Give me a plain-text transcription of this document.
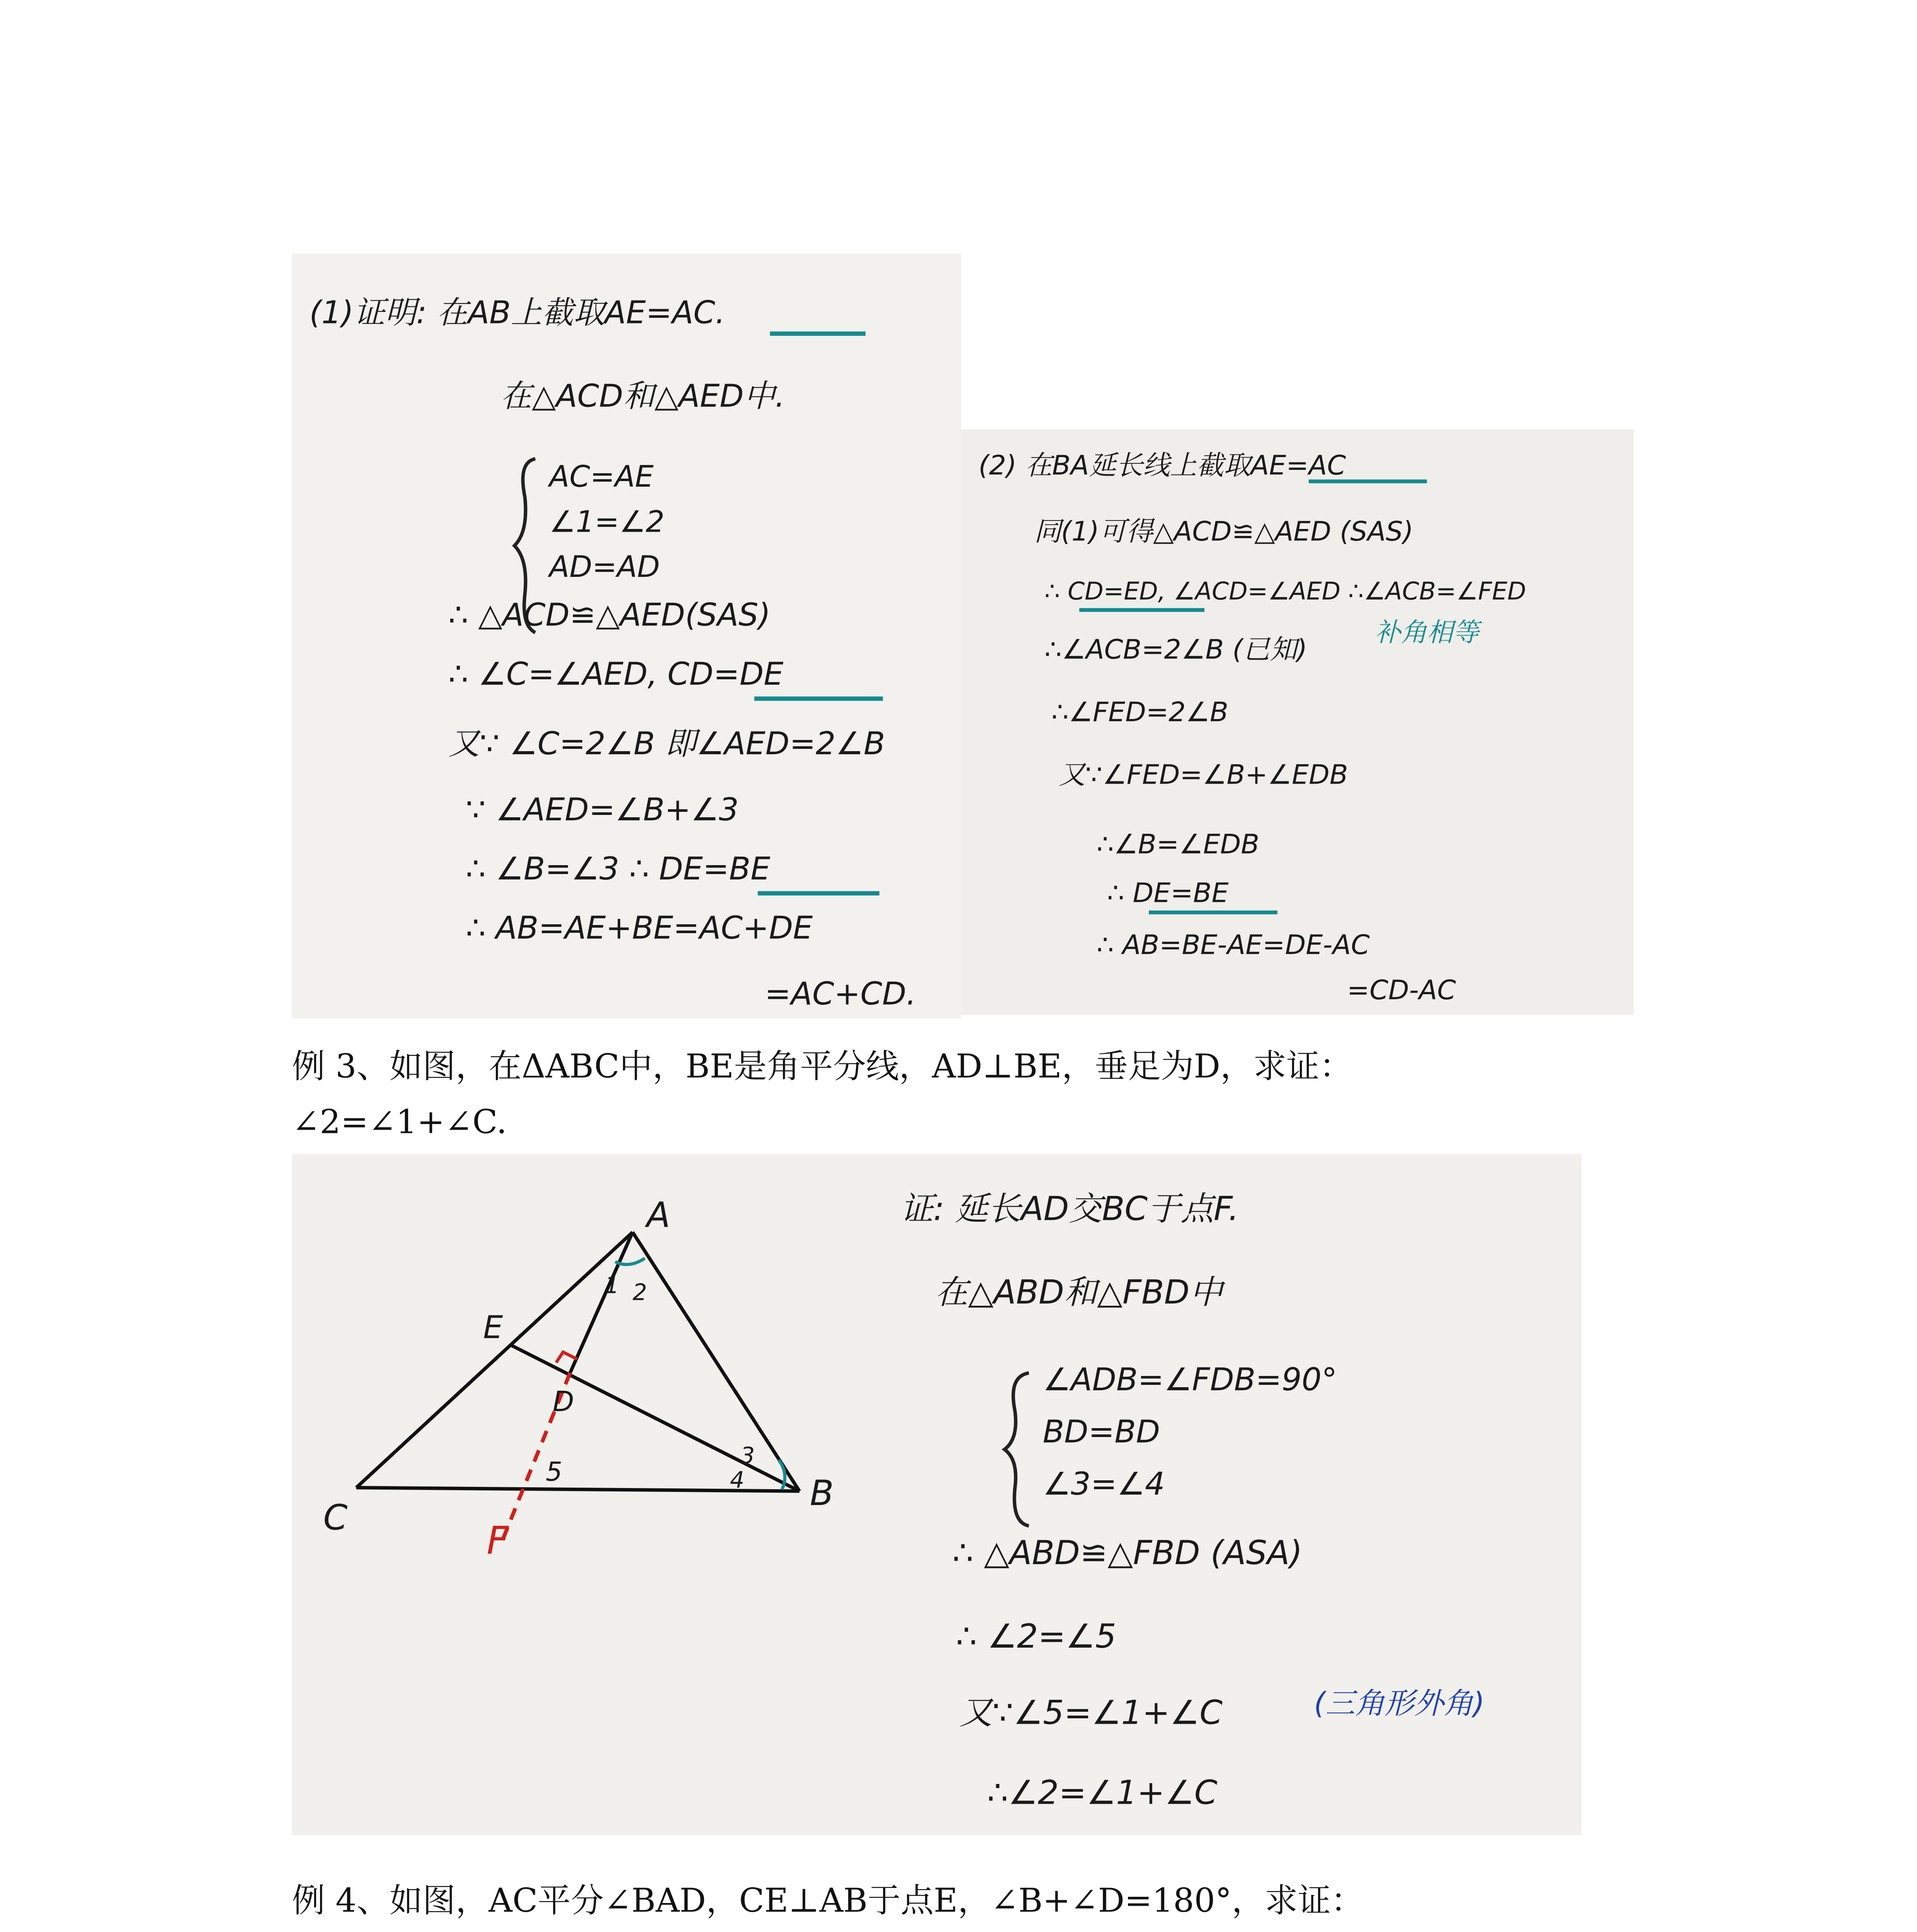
(1)证明: 在AB上截取AE=AC.
在△ACD和△AED中.
AC=AE
∠1=∠2
AD=AD
∴ △ACD≌△AED(SAS)
∴ ∠C=∠AED, CD=DE
又∵ ∠C=2∠B 即∠AED=2∠B
∵ ∠AED=∠B+∠3
∴ ∠B=∠3 ∴ DE=BE
∴ AB=AE+BE=AC+DE
=AC+CD.
(2) 在BA延长线上截取AE=AC
同(1)可得△ACD≌△AED (SAS)
∴ CD=ED, ∠ACD=∠AED ∴∠ACB=∠FED
∴∠ACB=2∠B (已知)
补角相等
∴∠FED=2∠B
又∵∠FED=∠B+∠EDB
∴∠B=∠EDB
∴ DE=BE
∴ AB=BE-AE=DE-AC
=CD-AC
例 3、如图，在ΔABC中，BE是角平分线，AD⊥BE，垂足为D，求证：
∠2=∠1+∠C.
A
E
D
C
F
B
1	2
3
4
5
证: 延长AD交BC于点F.
在△ABD和△FBD中
∠ADB=∠FDB=90°
BD=BD
∠3=∠4
∴ △ABD≌△FBD (ASA)
∴ ∠2=∠5
又∵∠5=∠1+∠C	(三角形外角)
∴∠2=∠1+∠C
例 4、如图，AC平分∠BAD，CE⊥AB于点E，∠B+∠D=180°，求证：
